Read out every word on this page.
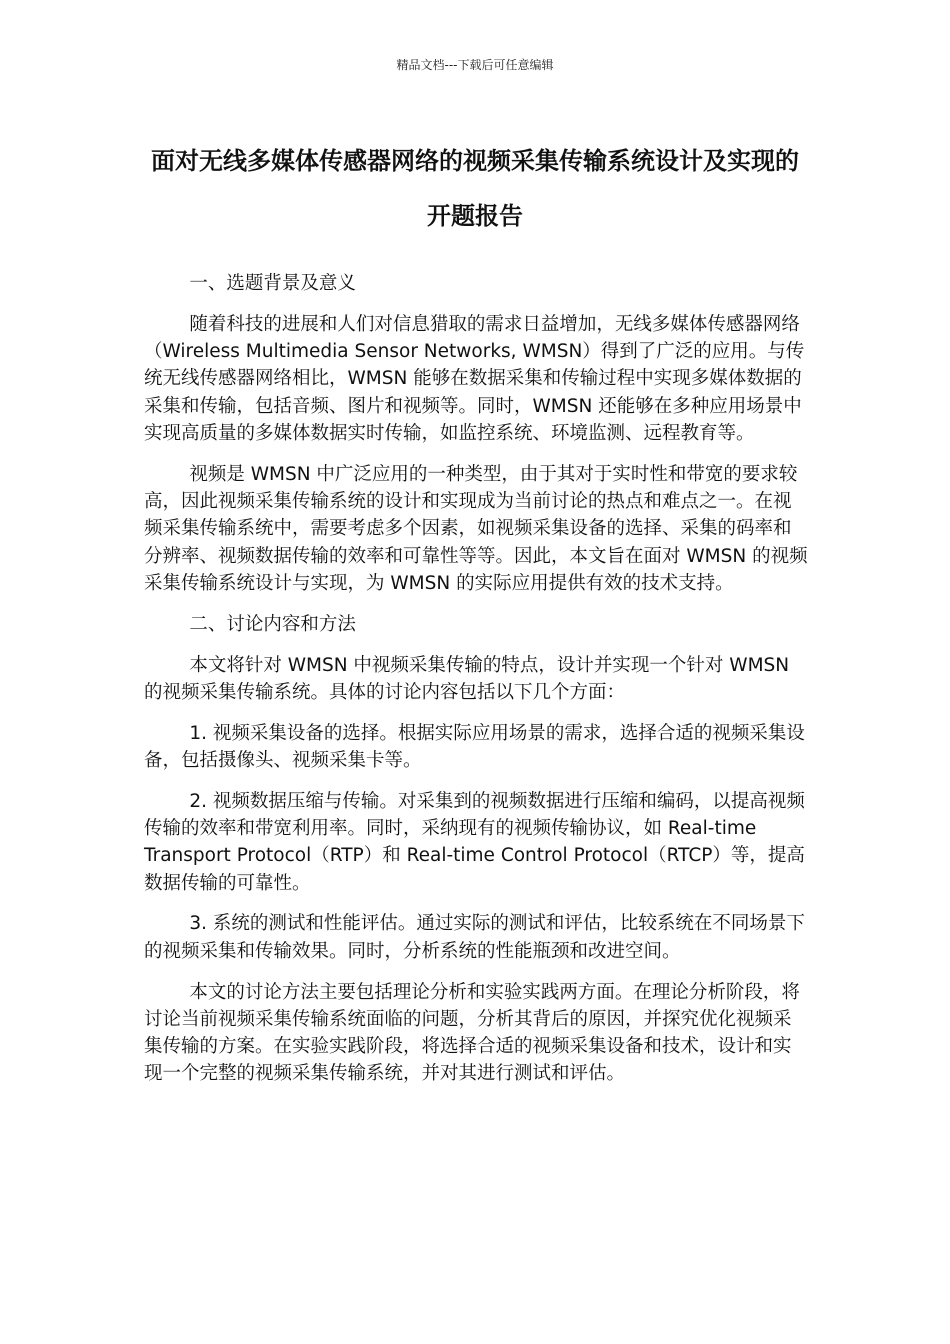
精品文档---下载后可任意编辑
面对无线多媒体传感器网络的视频采集传输系统设计及实现的开题报告

一、选题背景及意义

随着科技的进展和人们对信息猎取的需求日益增加，无线多媒体传感器网络（Wireless Multimedia Sensor Networks, WMSN）得到了广泛的应用。与传统无线传感器网络相比，WMSN 能够在数据采集和传输过程中实现多媒体数据的采集和传输，包括音频、图片和视频等。同时，WMSN 还能够在多种应用场景中实现高质量的多媒体数据实时传输，如监控系统、环境监测、远程教育等。

视频是 WMSN 中广泛应用的一种类型，由于其对于实时性和带宽的要求较高，因此视频采集传输系统的设计和实现成为当前讨论的热点和难点之一。在视频采集传输系统中，需要考虑多个因素，如视频采集设备的选择、采集的码率和分辨率、视频数据传输的效率和可靠性等等。因此，本文旨在面对 WMSN 的视频采集传输系统设计与实现，为 WMSN 的实际应用提供有效的技术支持。

二、讨论内容和方法

本文将针对 WMSN 中视频采集传输的特点，设计并实现一个针对 WMSN 的视频采集传输系统。具体的讨论内容包括以下几个方面：

1. 视频采集设备的选择。根据实际应用场景的需求，选择合适的视频采集设备，包括摄像头、视频采集卡等。

2. 视频数据压缩与传输。对采集到的视频数据进行压缩和编码，以提高视频传输的效率和带宽利用率。同时，采纳现有的视频传输协议，如 Real-time Transport Protocol（RTP）和 Real-time Control Protocol（RTCP）等，提高数据传输的可靠性。

3. 系统的测试和性能评估。通过实际的测试和评估，比较系统在不同场景下的视频采集和传输效果。同时，分析系统的性能瓶颈和改进空间。

本文的讨论方法主要包括理论分析和实验实践两方面。在理论分析阶段，将讨论当前视频采集传输系统面临的问题，分析其背后的原因，并探究优化视频采集传输的方案。在实验实践阶段，将选择合适的视频采集设备和技术，设计和实现一个完整的视频采集传输系统，并对其进行测试和评估。
